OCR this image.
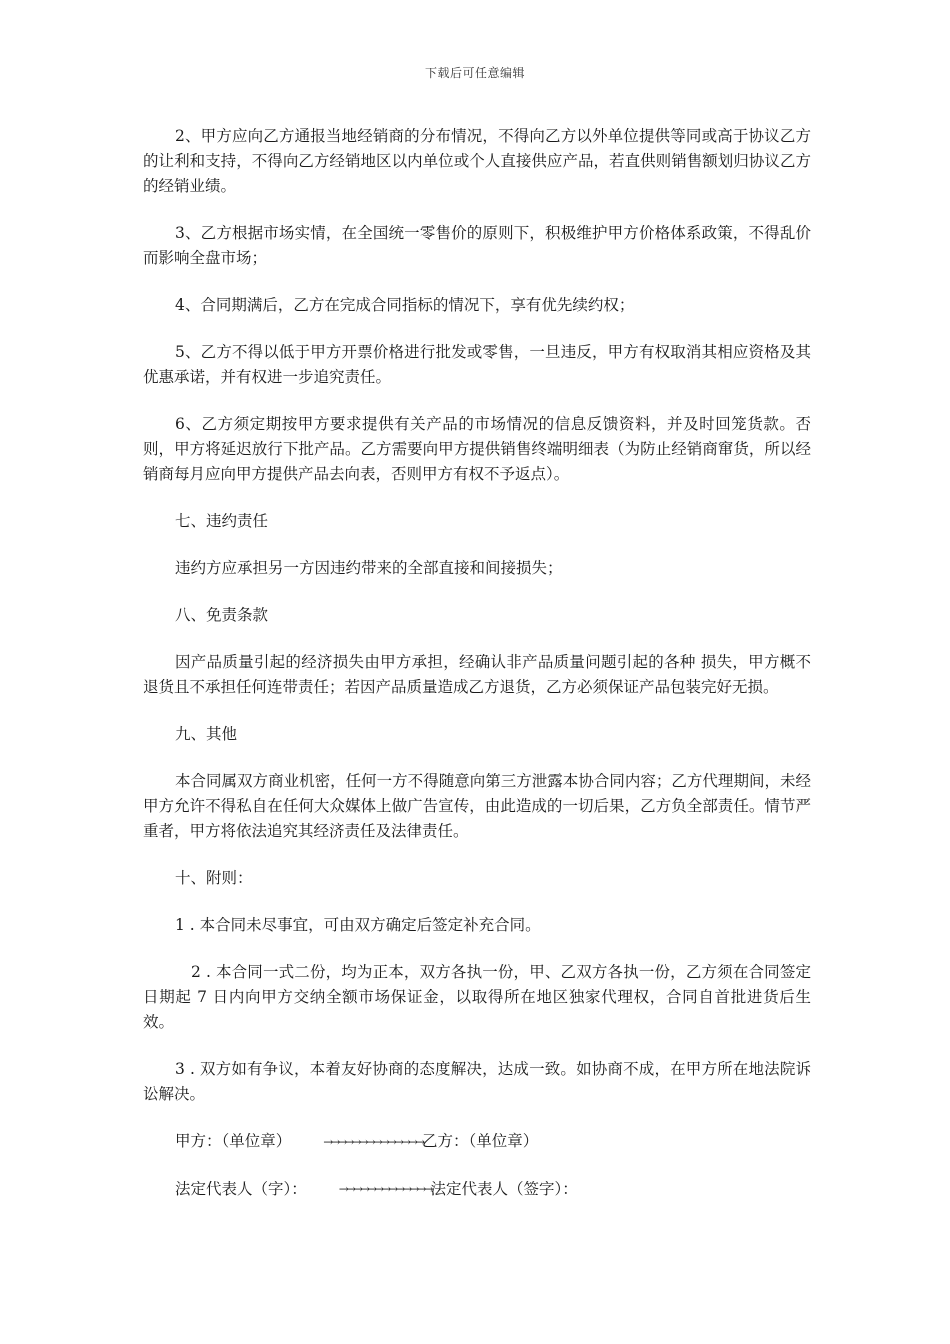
下载后可任意编辑

2、甲方应向乙方通报当地经销商的分布情况，不得向乙方以外单位提供等同或高于协议乙方的让利和支持，不得向乙方经销地区以内单位或个人直接供应产品，若直供则销售额划归协议乙方的经销业绩。

3、乙方根据市场实情，在全国统一零售价的原则下，积极维护甲方价格体系政策，不得乱价而影响全盘市场；

4、合同期满后，乙方在完成合同指标的情况下，享有优先续约权；

5、乙方不得以低于甲方开票价格进行批发或零售，一旦违反，甲方有权取消其相应资格及其优惠承诺，并有权进一步追究责任。

6、乙方须定期按甲方要求提供有关产品的市场情况的信息反馈资料，并及时回笼货款。否则，甲方将延迟放行下批产品。乙方需要向甲方提供销售终端明细表（为防止经销商窜货，所以经销商每月应向甲方提供产品去向表，否则甲方有权不予返点）。

七、违约责任

违约方应承担另一方因违约带来的全部直接和间接损失；

八、免责条款

因产品质量引起的经济损失由甲方承担，经确认非产品质量问题引起的各种 损失，甲方概不退货且不承担任何连带责任；若因产品质量造成乙方退货，乙方必须保证产品包装完好无损。

九、其他

本合同属双方商业机密，任何一方不得随意向第三方泄露本协合同内容；乙方代理期间，未经甲方允许不得私自在任何大众媒体上做广告宣传，由此造成的一切后果，乙方负全部责任。情节严重者，甲方将依法追究其经济责任及法律责任。

十、附则：

1 . 本合同未尽事宜，可由双方确定后签定补充合同。

2 . 本合同一式二份，均为正本，双方各执一份，甲、乙双方各执一份，乙方须在合同签定日期起 7 日内向甲方交纳全额市场保证金，以取得所在地区独家代理权，合同自首批进货后生效。

3 . 双方如有争议，本着友好协商的态度解决，达成一致。如协商不成，在甲方所在地法院诉讼解决。

甲方：（单位章）	→→→→→→→→→→→→→→乙方：（单位章）

法定代表人（字）：	→→→→→→→→→→→→→法定代表人（签字）：
